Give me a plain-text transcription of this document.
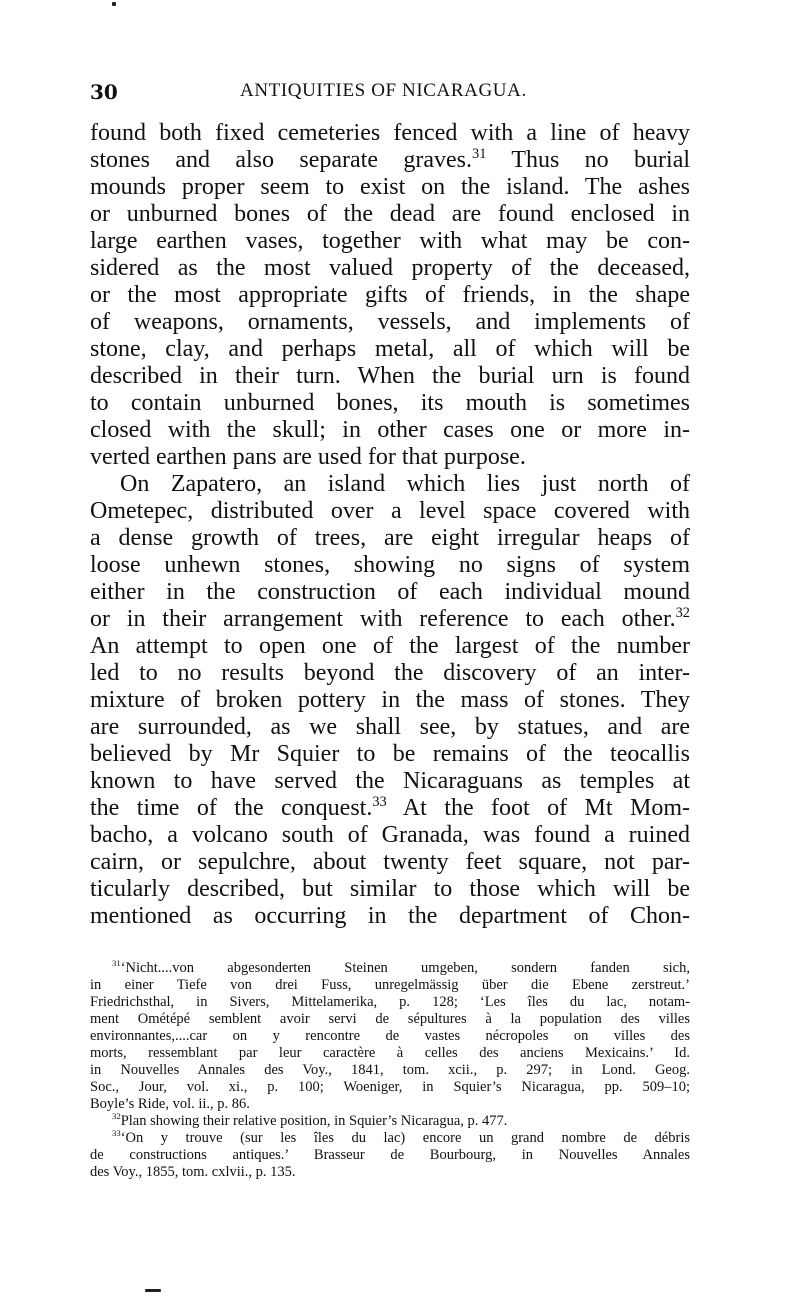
30	ANTIQUITIES OF NICARAGUA.
found both fixed cemeteries fenced with a line of heavy
stones and also separate graves.$^{31}$ Thus no burial
mounds proper seem to exist on the island. The ashes
or unburned bones of the dead are found enclosed in
large earthen vases, together with what may be con-
sidered as the most valued property of the deceased,
or the most appropriate gifts of friends, in the shape
of weapons, ornaments, vessels, and implements of
stone, clay, and perhaps metal, all of which will be
described in their turn. When the burial urn is found
to contain unburned bones, its mouth is sometimes
closed with the skull; in other cases one or more in-
verted earthen pans are used for that purpose.
On Zapatero, an island which lies just north of
Ometepec, distributed over a level space covered with
a dense growth of trees, are eight irregular heaps of
loose unhewn stones, showing no signs of system
either in the construction of each individual mound
or in their arrangement with reference to each other.$^{32}$
An attempt to open one of the largest of the number
led to no results beyond the discovery of an inter-
mixture of broken pottery in the mass of stones. They
are surrounded, as we shall see, by statues, and are
believed by Mr Squier to be remains of the teocallis
known to have served the Nicaraguans as temples at
the time of the conquest.$^{33}$ At the foot of Mt Mom-
bacho, a volcano south of Granada, was found a ruined
cairn, or sepulchre, about twenty feet square, not par-
ticularly described, but similar to those which will be
mentioned as occurring in the department of Chon-
$^{31}$‘Nicht....von abgesonderten Steinen umgeben, sondern fanden sich,
in einer Tiefe von drei Fuss, unregelmässig über die Ebene zerstreut.’
Friedrichsthal, in Sivers, Mittelamerika, p. 128; ‘Les îles du lac, notam-
ment Ométépé semblent avoir servi de sépultures à la population des villes
environnantes,....car on y rencontre de vastes nécropoles on villes des
morts, ressemblant par leur caractère à celles des anciens Mexicains.’ Id.
in Nouvelles Annales des Voy., 1841, tom. xcii., p. 297; in Lond. Geog.
Soc., Jour, vol. xi., p. 100; Woeniger, in Squier’s Nicaragua, pp. 509–10;
Boyle’s Ride, vol. ii., p. 86.
$^{32}$Plan showing their relative position, in Squier’s Nicaragua, p. 477.
$^{33}$‘On y trouve (sur les îles du lac) encore un grand nombre de débris
de constructions antiques.’ Brasseur de Bourbourg, in Nouvelles Annales
des Voy., 1855, tom. cxlvii., p. 135.
